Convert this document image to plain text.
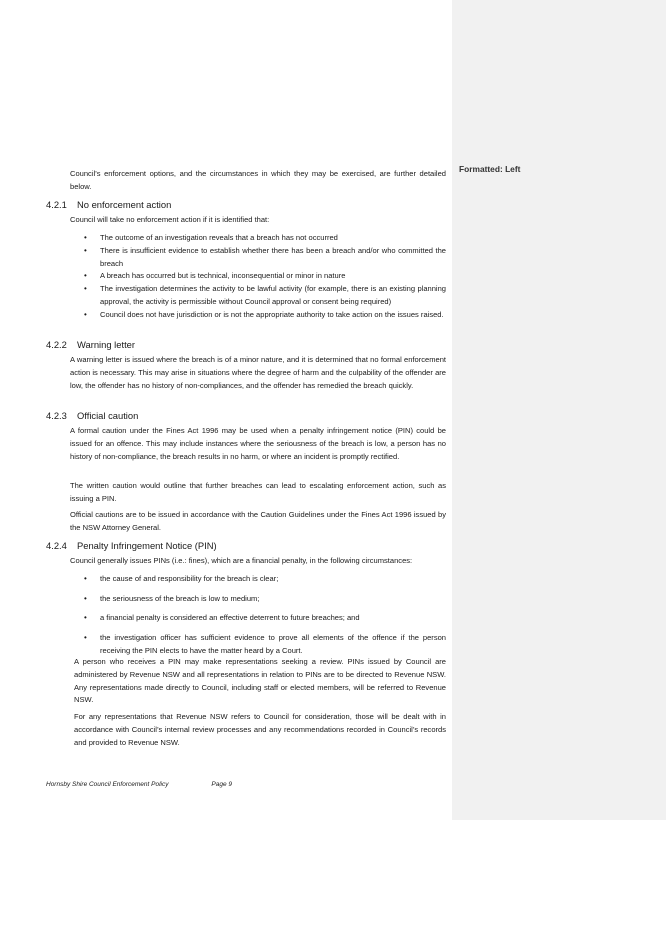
Formatted: Left

Council’s enforcement options, and the circumstances in which they may be exercised, are further detailed below.

4.2.1 No enforcement action

Council will take no enforcement action if it is identified that:

• The outcome of an investigation reveals that a breach has not occurred
• There is insufficient evidence to establish whether there has been a breach and/or who committed the breach
• A breach has occurred but is technical, inconsequential or minor in nature
• The investigation determines the activity to be lawful activity (for example, there is an existing planning approval, the activity is permissible without Council approval or consent being required)
• Council does not have jurisdiction or is not the appropriate authority to take action on the issues raised.
4.2.2 Warning letter

A warning letter is issued where the breach is of a minor nature, and it is determined that no formal enforcement action is necessary. This may arise in situations where the degree of harm and the culpability of the offender are low, the offender has no history of non-compliances, and the offender has remedied the breach quickly.

4.2.3 Official caution

A formal caution under the Fines Act 1996 may be used when a penalty infringement notice (PIN) could be issued for an offence. This may include instances where the seriousness of the breach is low, a person has no history of non-compliance, the breach results in no harm, or where an incident is promptly rectified.

The written caution would outline that further breaches can lead to escalating enforcement action, such as issuing a PIN.

Official cautions are to be issued in accordance with the Caution Guidelines under the Fines Act 1996 issued by the NSW Attorney General.

4.2.4 Penalty Infringement Notice (PIN)

Council generally issues PINs (i.e.: fines), which are a financial penalty, in the following circumstances:

• the cause of and responsibility for the breach is clear;
• the seriousness of the breach is low to medium;
• a financial penalty is considered an effective deterrent to future breaches; and
• the investigation officer has sufficient evidence to prove all elements of the offence if the person receiving the PIN elects to have the matter heard by a Court.

A person who receives a PIN may make representations seeking a review. PINs issued by Council are administered by Revenue NSW and all representations in relation to PINs are to be directed to Revenue NSW. Any representations made directly to Council, including staff or elected members, will be referred to Revenue NSW.

For any representations that Revenue NSW refers to Council for consideration, those will be dealt with in accordance with Council’s internal review processes and any recommendations recorded in Council’s records and provided to Revenue NSW.

Hornsby Shire Council Enforcement Policy	Page 9
